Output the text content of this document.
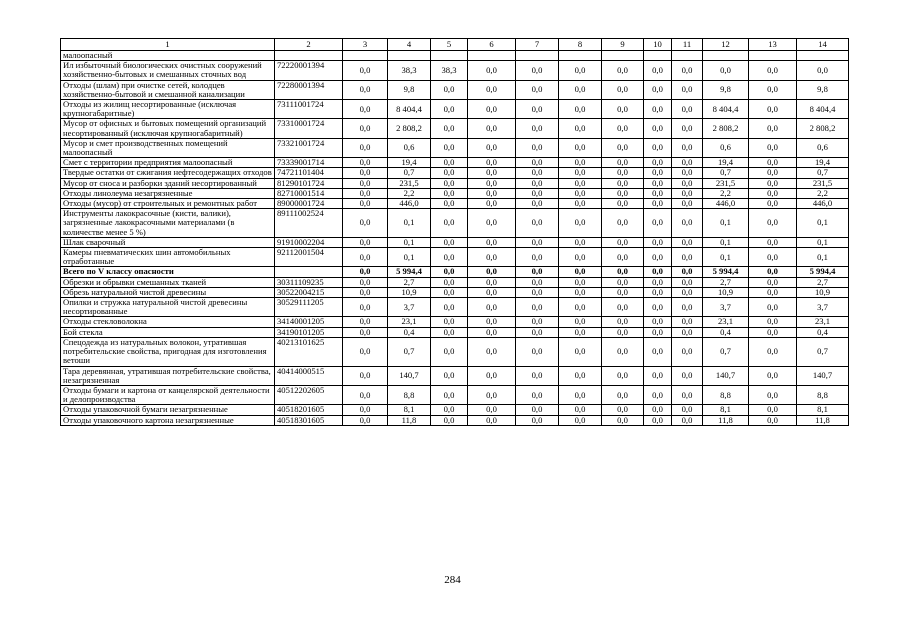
1	2	3	4	5	6	7	8	9	10	11	12	13	14
малоопасный													
Ил избыточный биологических очистных сооружений хозяйственно-бытовых и смешанных сточных вод	72220001394	0,0	38,3	38,3	0,0	0,0	0,0	0,0	0,0	0,0	0,0	0,0	0,0
Отходы (шлам) при очистке сетей, колодцев хозяйственно-бытовой и смешанной канализации	72280001394	0,0	9,8	0,0	0,0	0,0	0,0	0,0	0,0	0,0	9,8	0,0	9,8
Отходы из жилищ несортированные (исключая крупногабаритные)	73111001724	0,0	8 404,4	0,0	0,0	0,0	0,0	0,0	0,0	0,0	8 404,4	0,0	8 404,4
Мусор от офисных и бытовых помещений организаций несортированный (исключая крупногабаритный)	73310001724	0,0	2 808,2	0,0	0,0	0,0	0,0	0,0	0,0	0,0	2 808,2	0,0	2 808,2
Мусор и смет производственных помещений малоопасный	73321001724	0,0	0,6	0,0	0,0	0,0	0,0	0,0	0,0	0,0	0,6	0,0	0,6
Смет с территории предприятия малоопасный	73339001714	0,0	19,4	0,0	0,0	0,0	0,0	0,0	0,0	0,0	19,4	0,0	19,4
Твердые остатки от сжигания нефтесодержащих отходов	74721101404	0,0	0,7	0,0	0,0	0,0	0,0	0,0	0,0	0,0	0,7	0,0	0,7
Мусор от сноса и разборки зданий несортированный	81290101724	0,0	231,5	0,0	0,0	0,0	0,0	0,0	0,0	0,0	231,5	0,0	231,5
Отходы линолеума незагрязненные	82710001514	0,0	2,2	0,0	0,0	0,0	0,0	0,0	0,0	0,0	2,2	0,0	2,2
Отходы (мусор) от строительных и ремонтных работ	89000001724	0,0	446,0	0,0	0,0	0,0	0,0	0,0	0,0	0,0	446,0	0,0	446,0
Инструменты лакокрасочные (кисти, валики), загрязненные лакокрасочными материалами (в количестве менее 5 %)	89111002524	0,0	0,1	0,0	0,0	0,0	0,0	0,0	0,0	0,0	0,1	0,0	0,1
Шлак сварочный	91910002204	0,0	0,1	0,0	0,0	0,0	0,0	0,0	0,0	0,0	0,1	0,0	0,1
Камеры пневматических шин автомобильных отработанные	92112001504	0,0	0,1	0,0	0,0	0,0	0,0	0,0	0,0	0,0	0,1	0,0	0,1
Всего по V классу опасности		0,0	5 994,4	0,0	0,0	0,0	0,0	0,0	0,0	0,0	5 994,4	0,0	5 994,4
Обрезки и обрывки смешанных тканей	30311109235	0,0	2,7	0,0	0,0	0,0	0,0	0,0	0,0	0,0	2,7	0,0	2,7
Обрезь натуральной чистой древесины	30522004215	0,0	10,9	0,0	0,0	0,0	0,0	0,0	0,0	0,0	10,9	0,0	10,9
Опилки и стружка натуральной чистой древесины несортированные	30529111205	0,0	3,7	0,0	0,0	0,0	0,0	0,0	0,0	0,0	3,7	0,0	3,7
Отходы стекловолокна	34140001205	0,0	23,1	0,0	0,0	0,0	0,0	0,0	0,0	0,0	23,1	0,0	23,1
Бой стекла	34190101205	0,0	0,4	0,0	0,0	0,0	0,0	0,0	0,0	0,0	0,4	0,0	0,4
Спецодежда из натуральных волокон, утратившая потребительские свойства, пригодная для изготовления ветоши	40213101625	0,0	0,7	0,0	0,0	0,0	0,0	0,0	0,0	0,0	0,7	0,0	0,7
Тара деревянная, утратившая потребительские свойства, незагрязненная	40414000515	0,0	140,7	0,0	0,0	0,0	0,0	0,0	0,0	0,0	140,7	0,0	140,7
Отходы бумаги и картона от канцелярской деятельности и делопроизводства	40512202605	0,0	8,8	0,0	0,0	0,0	0,0	0,0	0,0	0,0	8,8	0,0	8,8
Отходы упаковочной бумаги незагрязненные	40518201605	0,0	8,1	0,0	0,0	0,0	0,0	0,0	0,0	0,0	8,1	0,0	8,1
Отходы упаковочного картона незагрязненные	40518301605	0,0	11,8	0,0	0,0	0,0	0,0	0,0	0,0	0,0	11,8	0,0	11,8
284
